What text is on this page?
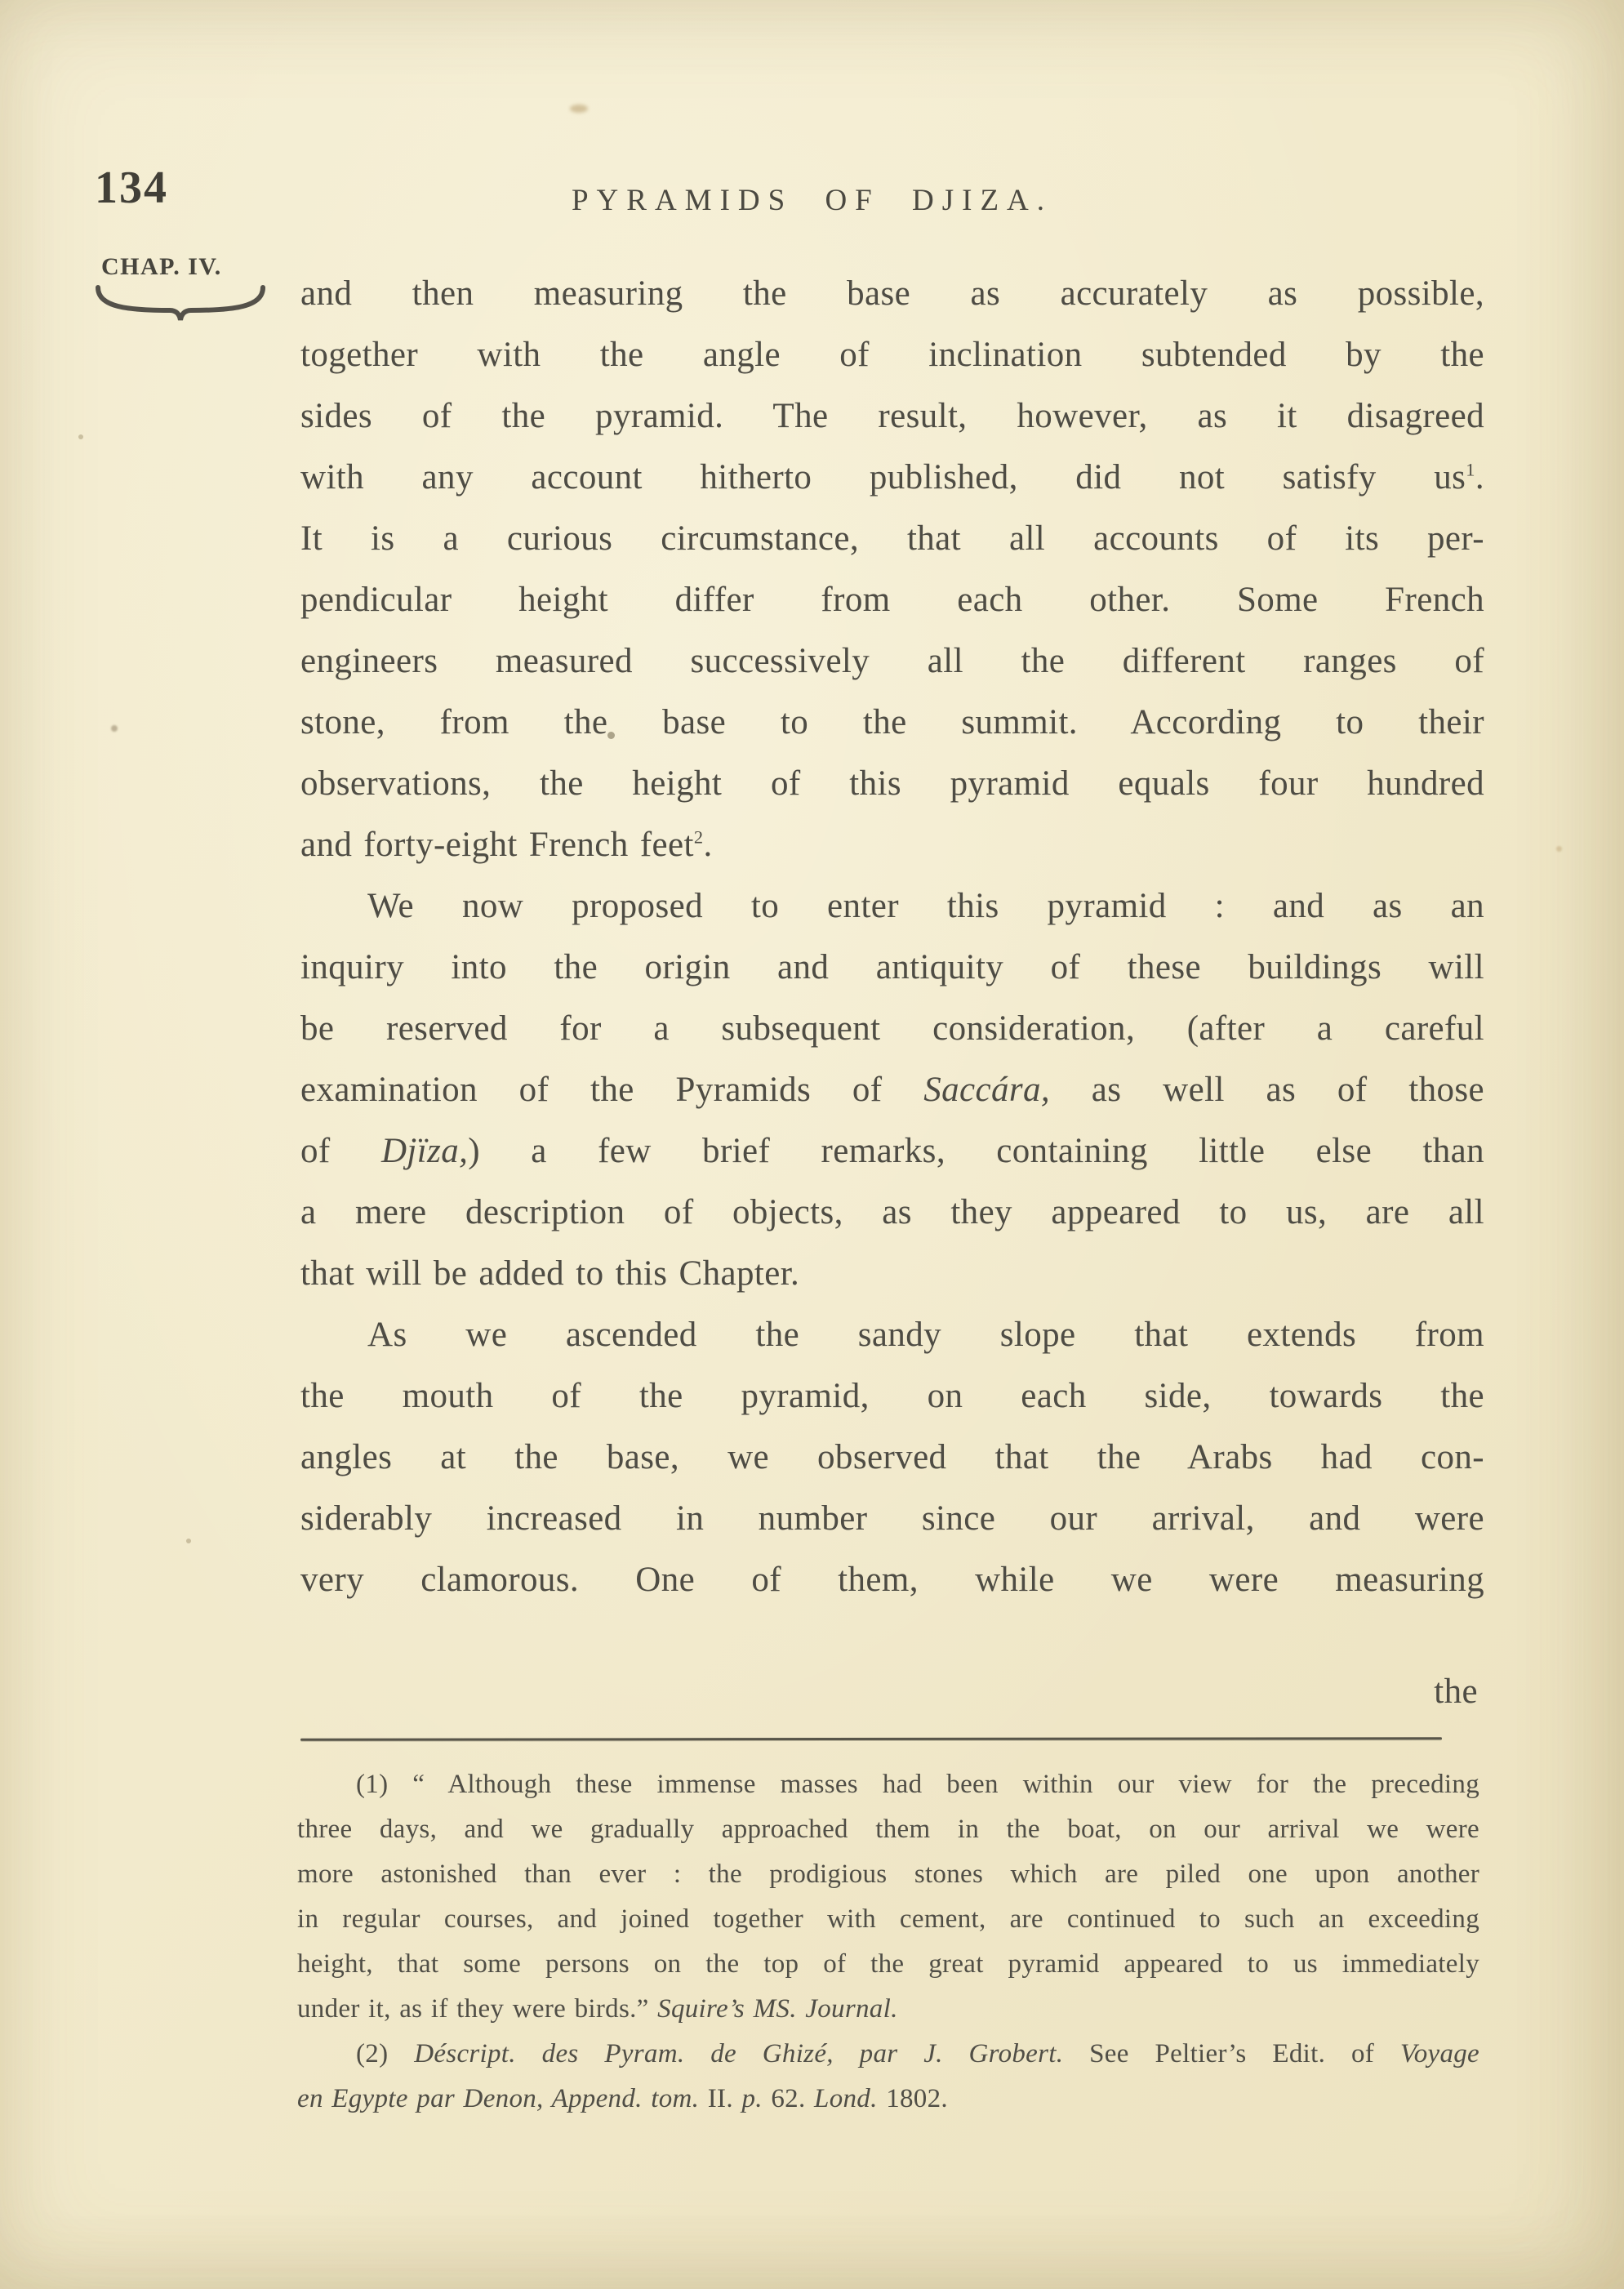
134	PYRAMIDS OF DJIZA.
CHAP. IV.
and then measuring the base as accurately as possible,
together with the angle of inclination subtended by the
sides of the pyramid. The result, however, as it disagreed
with any account hitherto published, did not satisfy $us^1$.
It is a curious circumstance, that all accounts of its per-
pendicular height differ from each other. Some French
engineers measured successively all the different ranges of
stone, from the base to the summit. According to their
observations, the height of this pyramid equals four hundred
and forty-eight French feet$^2$.
We now proposed to enter this pyramid : and as an
inquiry into the origin and antiquity of these buildings will
be reserved for a subsequent consideration, (after a careful
examination of the Pyramids of Saccára, as well as of those
of Djïza,) a few brief remarks, containing little else than
a mere description of objects, as they appeared to us, are all
that will be added to this Chapter.
As we ascended the sandy slope that extends from
the mouth of the pyramid, on each side, towards the
angles at the base, we observed that the Arabs had con-
siderably increased in number since our arrival, and were
very clamorous. One of them, while we were measuring
the
(1) “ Although these immense masses had been within our view for the preceding
three days, and we gradually approached them in the boat, on our arrival we were
more astonished than ever : the prodigious stones which are piled one upon another
in regular courses, and joined together with cement, are continued to such an exceeding
height, that some persons on the top of the great pyramid appeared to us immediately
under it, as if they were birds.” Squire’s MS. Journal.
(2) Déscript. des Pyram. de Ghizé, par J. Grobert. See Peltier’s Edit. of Voyage
en Egypte par Denon, Append. tom. II. p. 62. Lond. 1802.
